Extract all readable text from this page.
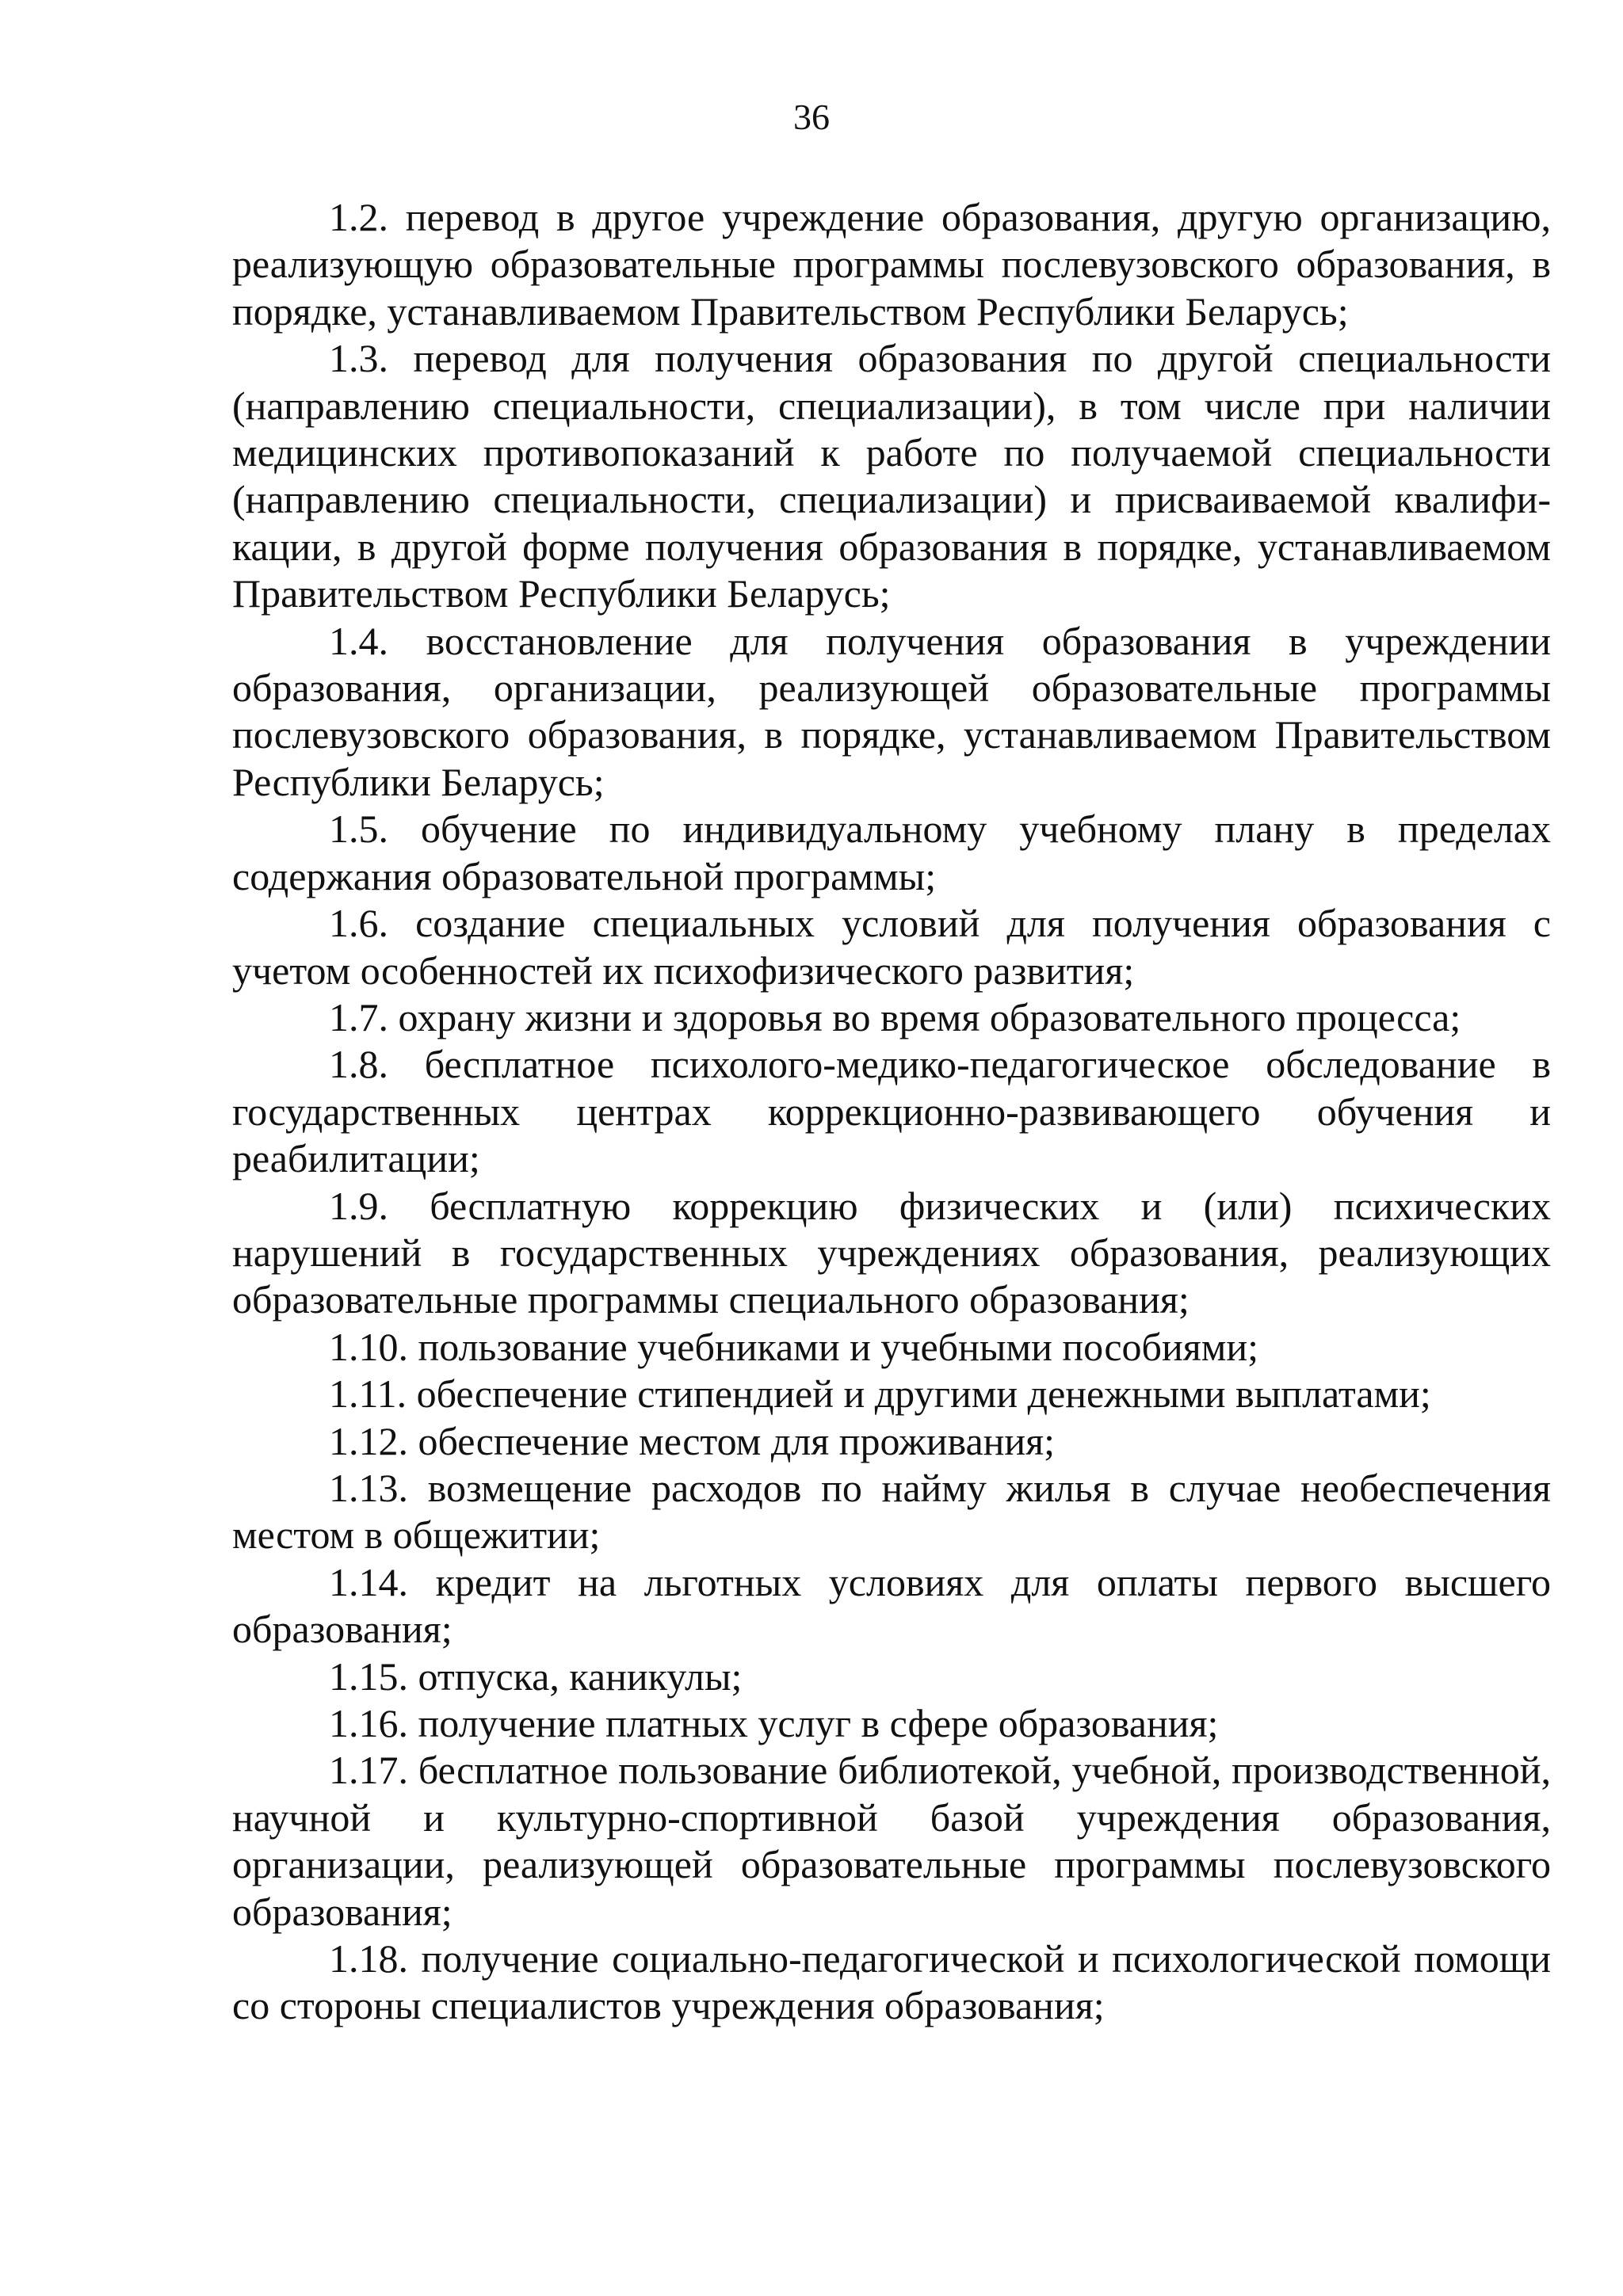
36

1.2. перевод в другое учреждение образования, другую организацию, реализующую образовательные программы послевузовского образования, в порядке, устанавливаемом Правительством Республики Беларусь;

1.3. перевод для получения образования по другой специальности (направлению специальности, специализации), в том числе при наличии медицинских противопоказаний к работе по получаемой специальности (направлению специальности, специализации) и присваиваемой квалификации, в другой форме получения образования в порядке, устанавливаемом Правительством Республики Беларусь;

1.4. восстановление для получения образования в учреждении образования, организации, реализующей образовательные программы послевузовского образования, в порядке, устанавливаемом Правительством Республики Беларусь;

1.5. обучение по индивидуальному учебному плану в пределах содержания образовательной программы;

1.6. создание специальных условий для получения образования с учетом особенностей их психофизического развития;

1.7. охрану жизни и здоровья во время образовательного процесса;

1.8. бесплатное психолого-медико-педагогическое обследование в государственных центрах коррекционно-развивающего обучения и реабилитации;

1.9. бесплатную коррекцию физических и (или) психических нарушений в государственных учреждениях образования, реализующих образовательные программы специального образования;

1.10. пользование учебниками и учебными пособиями;

1.11. обеспечение стипендией и другими денежными выплатами;

1.12. обеспечение местом для проживания;

1.13. возмещение расходов по найму жилья в случае необеспечения местом в общежитии;

1.14. кредит на льготных условиях для оплаты первого высшего образования;

1.15. отпуска, каникулы;

1.16. получение платных услуг в сфере образования;

1.17. бесплатное пользование библиотекой, учебной, производственной, научной и культурно-спортивной базой учреждения образования, организации, реализующей образовательные программы послевузовского образования;

1.18. получение социально-педагогической и психологической помощи со стороны специалистов учреждения образования;
